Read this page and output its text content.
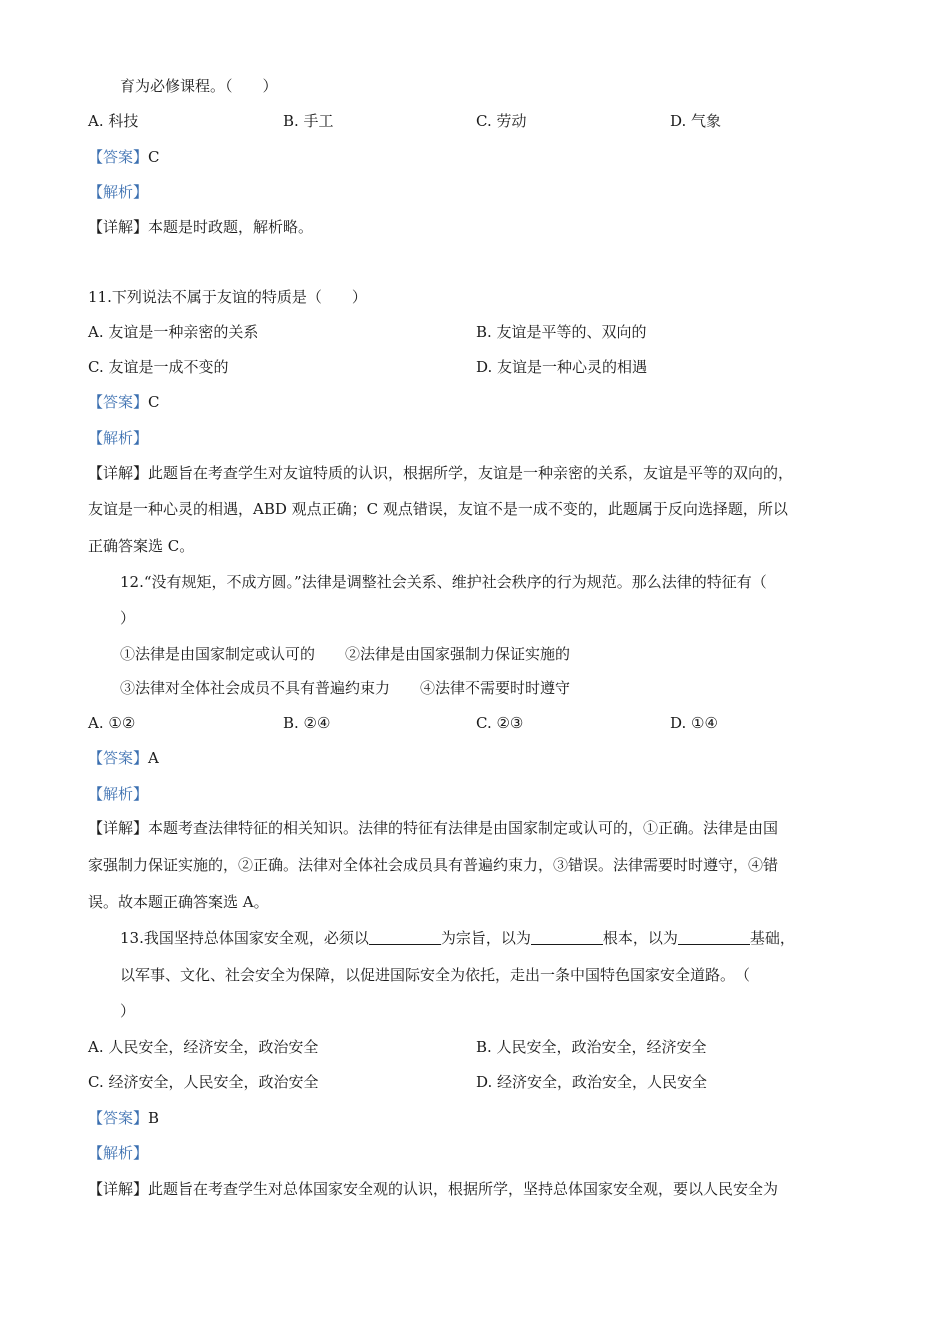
育为必修课程。（　　）
A. 科技	B. 手工	C. 劳动	D. 气象
【答案】C
【解析】
【详解】本题是时政题，解析略。
11.下列说法不属于友谊的特质是（　　）
A. 友谊是一种亲密的关系	B. 友谊是平等的、双向的
C. 友谊是一成不变的	D. 友谊是一种心灵的相遇
【答案】C
【解析】
【详解】此题旨在考查学生对友谊特质的认识，根据所学，友谊是一种亲密的关系，友谊是平等的双向的，
友谊是一种心灵的相遇，ABD 观点正确；C 观点错误，友谊不是一成不变的，此题属于反向选择题，所以
正确答案选 C。
12.“没有规矩，不成方圆。”法律是调整社会关系、维护社会秩序的行为规范。那么法律的特征有（
）
①法律是由国家制定或认可的　　②法律是由国家强制力保证实施的
③法律对全体社会成员不具有普遍约束力　　④法律不需要时时遵守
A. ①②	B. ②④	C. ②③	D. ①④
【答案】A
【解析】
【详解】本题考查法律特征的相关知识。法律的特征有法律是由国家制定或认可的，①正确。法律是由国
家强制力保证实施的，②正确。法律对全体社会成员具有普遍约束力，③错误。法律需要时时遵守，④错
误。故本题正确答案选 A。
13.我国坚持总体国家安全观，必须以	为宗旨，以为	根本，以为	基础，
以军事、文化、社会安全为保障，以促进国际安全为依托，走出一条中国特色国家安全道路。　（
）
A. 人民安全，经济安全，政治安全	B. 人民安全，政治安全，经济安全
C. 经济安全，人民安全，政治安全	D. 经济安全，政治安全，人民安全
【答案】B
【解析】
【详解】此题旨在考查学生对总体国家安全观的认识，根据所学，坚持总体国家安全观，要以人民安全为
